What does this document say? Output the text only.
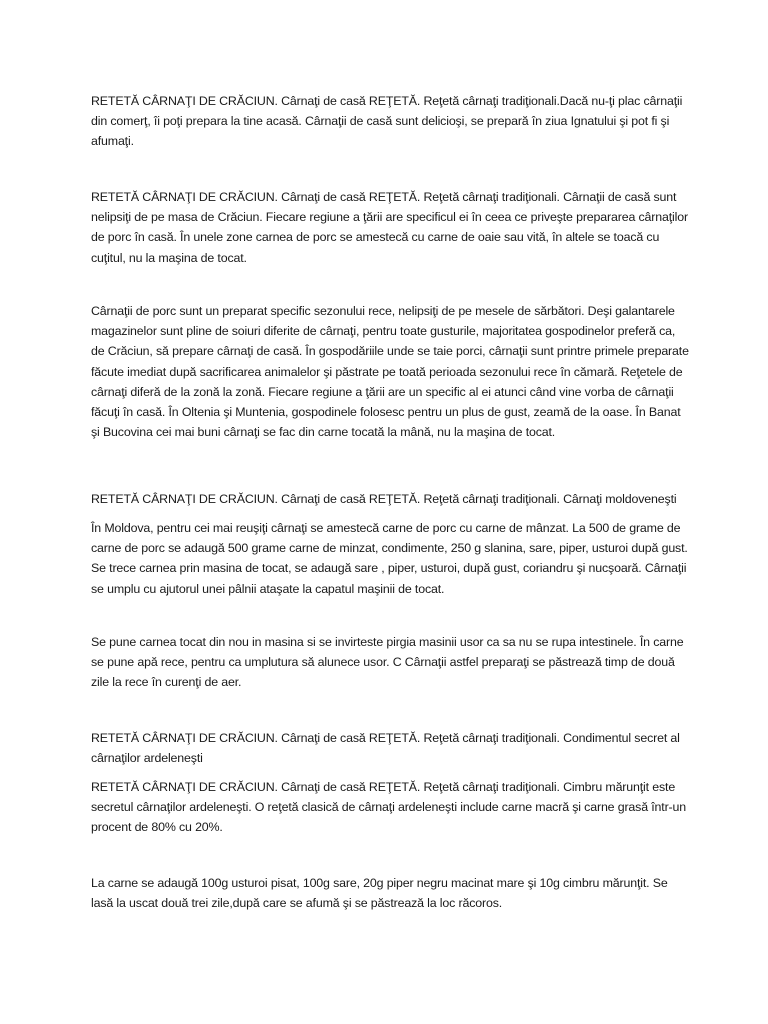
RETETĂ CÂRNAŢI DE CRĂCIUN. Cârnaţi de casă REŢETĂ. Reţetă cârnaţi tradiţionali.Dacă nu-ţi plac cârnaţii din comerţ, îi poţi prepara la tine acasă. Cârnaţii de casă sunt delicioşi, se prepară în ziua Ignatului şi pot fi şi afumaţi.

RETETĂ CÂRNAŢI DE CRĂCIUN. Cârnaţi de casă REŢETĂ. Reţetă cârnaţi tradiţionali. Cârnaţii de casă sunt nelipsiţi de pe masa de Crăciun. Fiecare regiune a ţării are specificul ei în ceea ce priveşte prepararea cârnaţilor de porc în casă. În unele zone carnea de porc se amestecă cu carne de oaie sau vită, în altele se toacă cu cuţitul, nu la maşina de tocat.

Cârnaţii de porc sunt un preparat specific sezonului rece, nelipsiţi de pe mesele de sărbători. Deşi galantarele magazinelor sunt pline de soiuri diferite de cârnaţi, pentru toate gusturile, majoritatea gospodinelor preferă ca, de Crăciun, să prepare cârnaţi de casă. În gospodăriile unde se taie porci, cârnaţii sunt printre primele preparate făcute imediat după sacrificarea animalelor şi păstrate pe toată perioada sezonului rece în cămară. Reţetele de cârnaţi diferă de la zonă la zonă. Fiecare regiune a ţării are un specific al ei atunci când vine vorba de cârnaţii făcuţi în casă. În Oltenia şi Muntenia, gospodinele folosesc pentru un plus de gust, zeamă de la oase. În Banat şi Bucovina cei mai buni cârnaţi se fac din carne tocată la mână, nu la maşina de tocat.

RETETĂ CÂRNAŢI DE CRĂCIUN. Cârnaţi de casă REŢETĂ. Reţetă cârnaţi tradiţionali. Cârnaţi moldoveneşti

În Moldova, pentru cei mai reuşiţi cârnaţi se amestecă carne de porc cu carne de mânzat. La 500 de grame de carne de porc se adaugă 500 grame carne de minzat, condimente, 250 g slanina, sare, piper, usturoi după gust. Se trece carnea prin masina de tocat, se adaugă sare , piper, usturoi, după gust, coriandru şi nucşoară. Cârnaţii se umplu cu ajutorul unei pâlnii ataşate la capatul maşinii de tocat.

Se pune carnea tocat din nou in masina si se invirteste pirgia masinii usor ca sa nu se rupa intestinele. În carne se pune apă rece, pentru ca umplutura să alunece usor. C Cârnaţii astfel preparaţi se păstrează timp de două zile la rece în curenţi de aer.

RETETĂ CÂRNAŢI DE CRĂCIUN. Cârnaţi de casă REŢETĂ. Reţetă cârnaţi tradiţionali. Condimentul secret al cârnaţilor ardeleneşti

RETETĂ CÂRNAŢI DE CRĂCIUN. Cârnaţi de casă REŢETĂ. Reţetă cârnaţi tradiţionali. Cimbru mărunţit este secretul cârnaţilor ardeleneşti. O reţetă clasică de cârnaţi ardeleneşti include carne macră şi carne grasă într-un procent de 80% cu 20%.

La carne se adaugă 100g usturoi pisat, 100g sare, 20g piper negru macinat mare şi 10g cimbru mărunţit. Se lasă la uscat două trei zile,după care se afumă şi se păstrează la loc răcoros.
